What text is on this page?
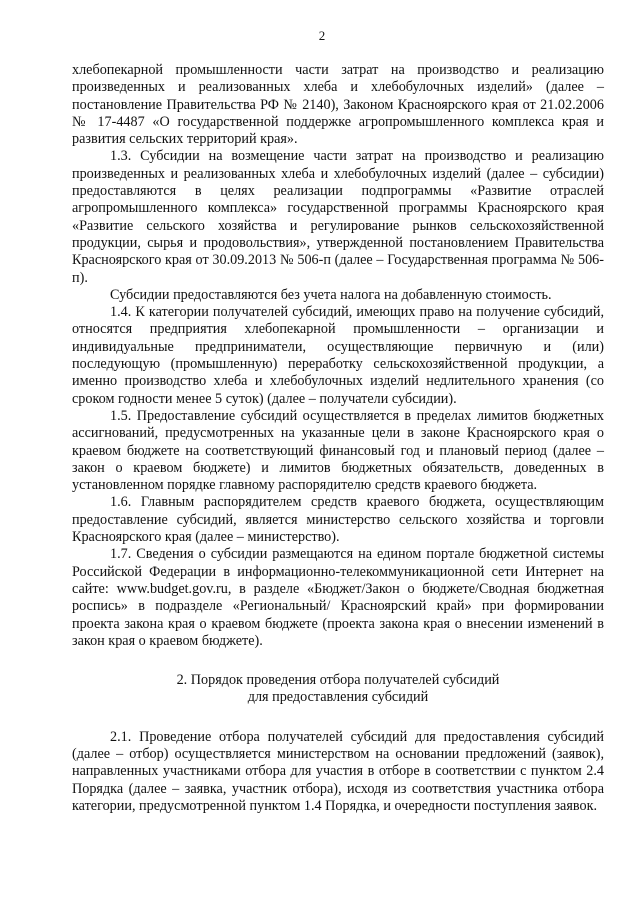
2

хлебопекарной промышленности части затрат на производство и реализацию произведенных и реализованных хлеба и хлебобулочных изделий» (далее – постановление Правительства РФ № 2140), Законом Красноярского края от 21.02.2006 № 17-4487 «О государственной поддержке агропромышленного комплекса края и развития сельских территорий края».

1.3. Субсидии на возмещение части затрат на производство и реализацию произведенных и реализованных хлеба и хлебобулочных изделий (далее – субсидии) предоставляются в целях реализации подпрограммы «Развитие отраслей агропромышленного комплекса» государственной программы Красноярского края «Развитие сельского хозяйства и регулирование рынков сельскохозяйственной продукции, сырья и продовольствия», утвержденной постановлением Правительства Красноярского края от 30.09.2013 № 506-п (далее – Государственная программа № 506-п).

Субсидии предоставляются без учета налога на добавленную стоимость.

1.4. К категории получателей субсидий, имеющих право на получение субсидий, относятся предприятия хлебопекарной промышленности – организации и индивидуальные предприниматели, осуществляющие первичную и (или) последующую (промышленную) переработку сельскохозяйственной продукции, а именно производство хлеба и хлебобулочных изделий недлительного хранения (со сроком годности менее 5 суток) (далее – получатели субсидии).

1.5. Предоставление субсидий осуществляется в пределах лимитов бюджетных ассигнований, предусмотренных на указанные цели в законе Красноярского края о краевом бюджете на соответствующий финансовый год и плановый период (далее – закон о краевом бюджете) и лимитов бюджетных обязательств, доведенных в установленном порядке главному распорядителю средств краевого бюджета.

1.6. Главным распорядителем средств краевого бюджета, осуществляющим предоставление субсидий, является министерство сельского хозяйства и торговли Красноярского края (далее – министерство).

1.7. Сведения о субсидии размещаются на едином портале бюджетной системы Российской Федерации в информационно-телекоммуникационной сети Интернет на сайте: www.budget.gov.ru, в разделе «Бюджет/Закон о бюджете/Сводная бюджетная роспись» в подразделе «Региональный/ Красноярский край» при формировании проекта закона края о краевом бюджете (проекта закона края о внесении изменений в закон края о краевом бюджете).

2. Порядок проведения отбора получателей субсидий
для предоставления субсидий

2.1. Проведение отбора получателей субсидий для предоставления субсидий (далее – отбор) осуществляется министерством на основании предложений (заявок), направленных участниками отбора для участия в отборе в соответствии с пунктом 2.4 Порядка (далее – заявка, участник отбора), исходя из соответствия участника отбора категории, предусмотренной пунктом 1.4 Порядка, и очередности поступления заявок.
